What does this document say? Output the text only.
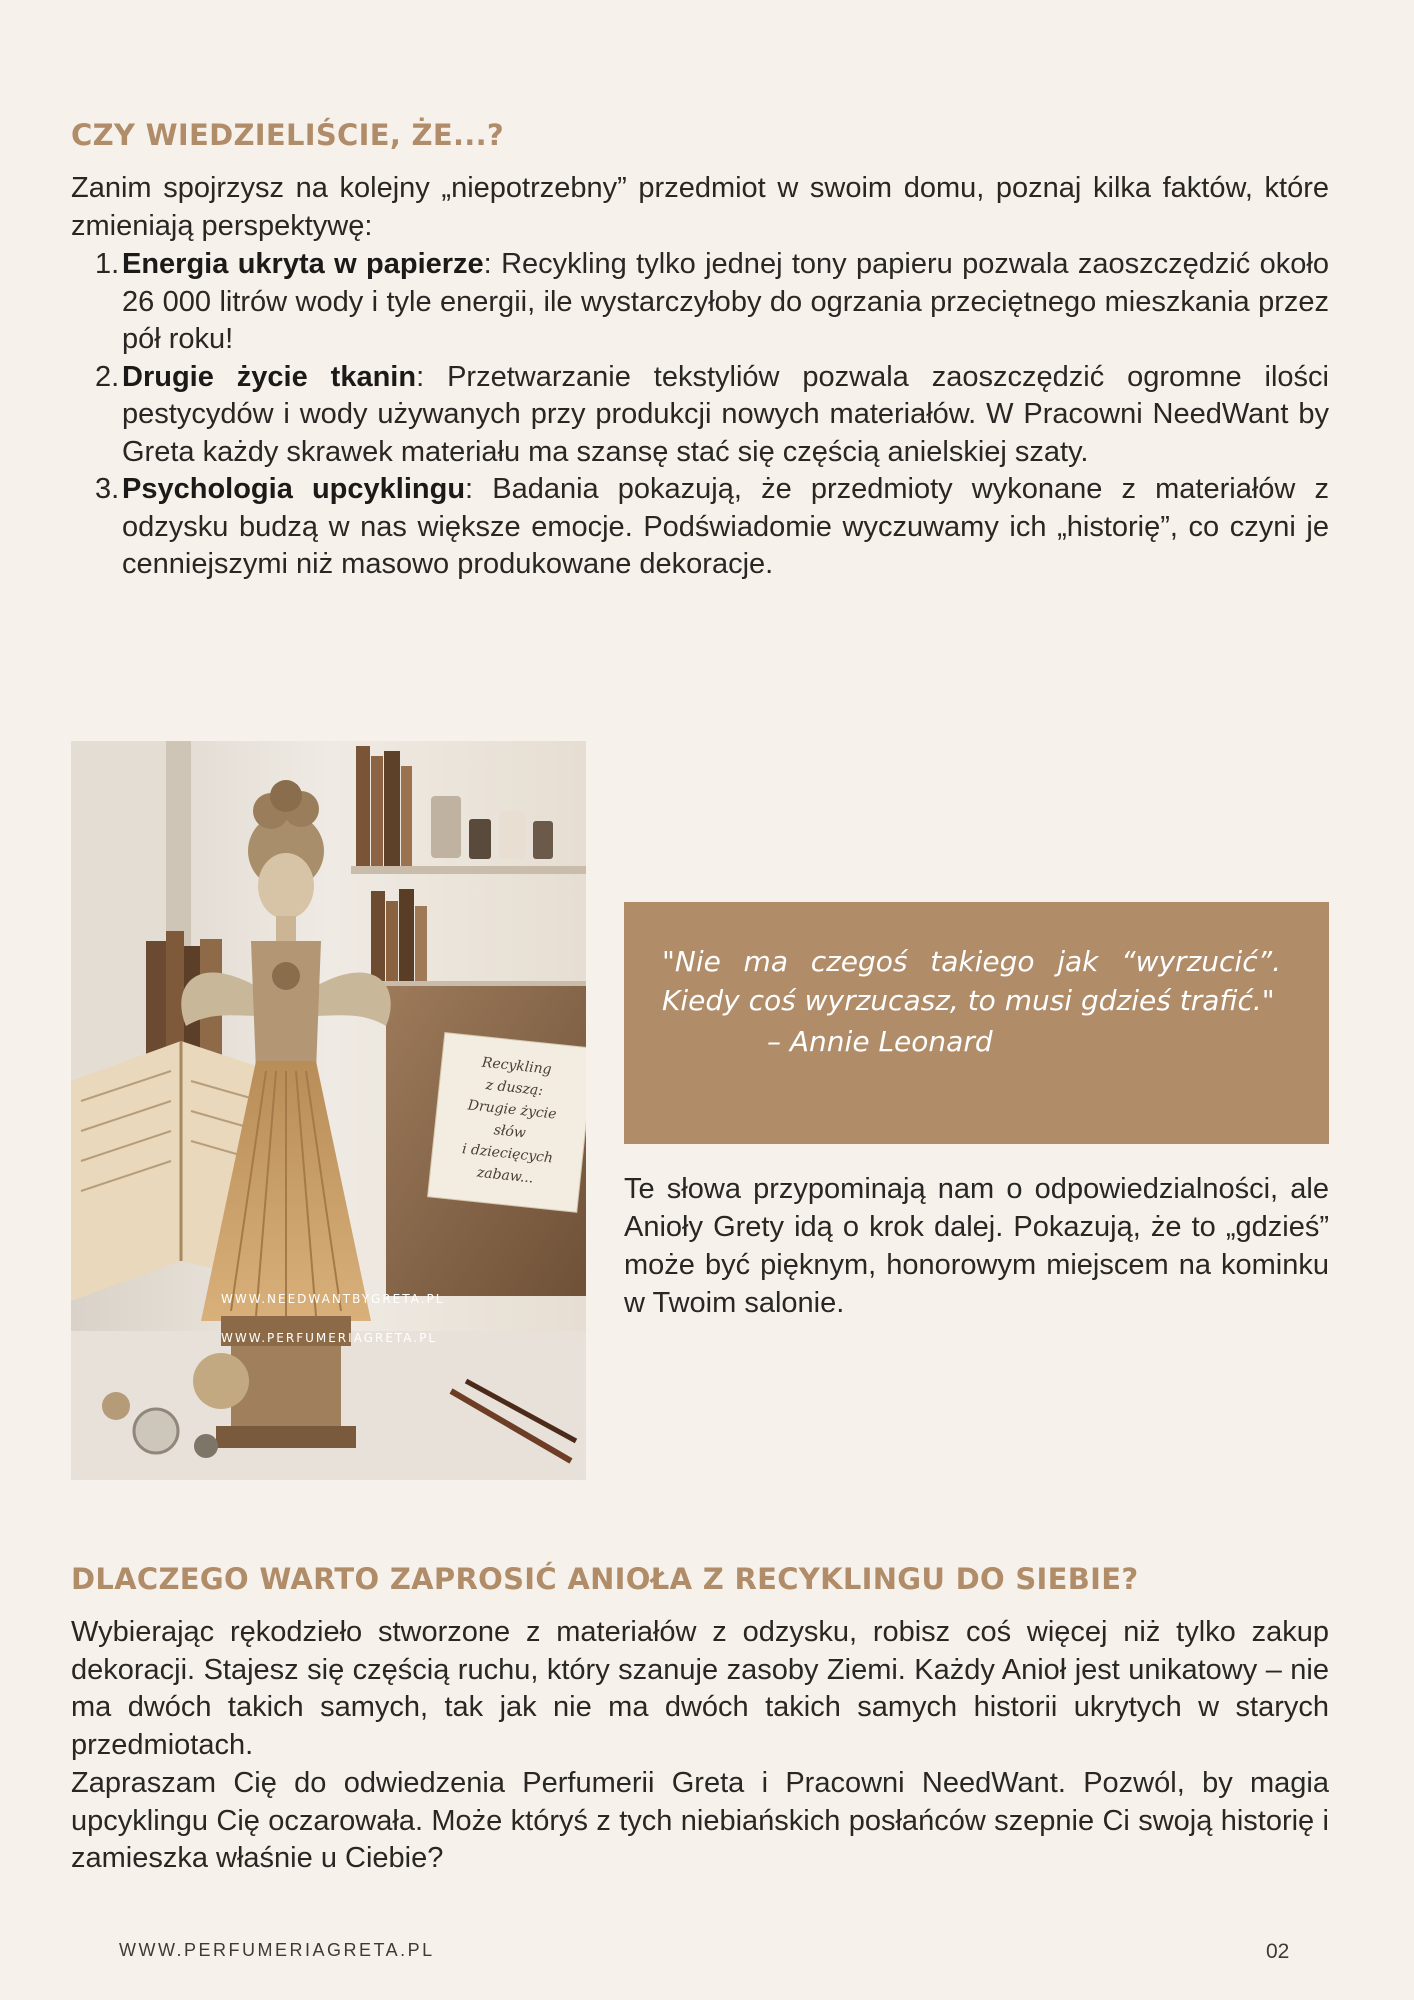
CZY WIEDZIELIŚCIE, ŻE...?

Zanim spojrzysz na kolejny „niepotrzebny” przedmiot w swoim domu, poznaj kilka faktów, które zmieniają perspektywę:

1. Energia ukryta w papierze: Recykling tylko jednej tony papieru pozwala zaoszczędzić około 26 000 litrów wody i tyle energii, ile wystarczyłoby do ogrzania przeciętnego mieszkania przez pół roku!
2. Drugie życie tkanin: Przetwarzanie tekstyliów pozwala zaoszczędzić ogromne ilości pestycydów i wody używanych przy produkcji nowych materiałów. W Pracowni NeedWant by Greta każdy skrawek materiału ma szansę stać się częścią anielskiej szaty.
3. Psychologia upcyklingu: Badania pokazują, że przedmioty wykonane z materiałów z odzysku budzą w nas większe emocje. Podświadomie wyczuwamy ich „historię”, co czyni je cenniejszymi niż masowo produkowane dekoracje.
Recykling
z duszą:
Drugie życie
słów
i dziecięcych
zabaw...
WWW.NEEDWANTBYGRETA.PL
WWW.PERFUMERIAGRETA.PL

"Nie ma czegoś takiego jak “wyrzucić”. Kiedy coś wyrzucasz, to musi gdzieś trafić."

– Annie Leonard

Te słowa przypominają nam o odpowiedzialności, ale Anioły Grety idą o krok dalej. Pokazują, że to „gdzieś” może być pięknym, honorowym miejscem na kominku w Twoim salonie.

DLACZEGO WARTO ZAPROSIĆ ANIOŁA Z RECYKLINGU DO SIEBIE?

Wybierając rękodzieło stworzone z materiałów z odzysku, robisz coś więcej niż tylko zakup dekoracji. Stajesz się częścią ruchu, który szanuje zasoby Ziemi. Każdy Anioł jest unikatowy – nie ma dwóch takich samych, tak jak nie ma dwóch takich samych historii ukrytych w starych przedmiotach.

Zapraszam Cię do odwiedzenia Perfumerii Greta i Pracowni NeedWant. Pozwól, by magia upcyklingu Cię oczarowała. Może któryś z tych niebiańskich posłańców szepnie Ci swoją historię i zamieszka właśnie u Ciebie?

WWW.PERFUMERIAGRETA.PL	02
